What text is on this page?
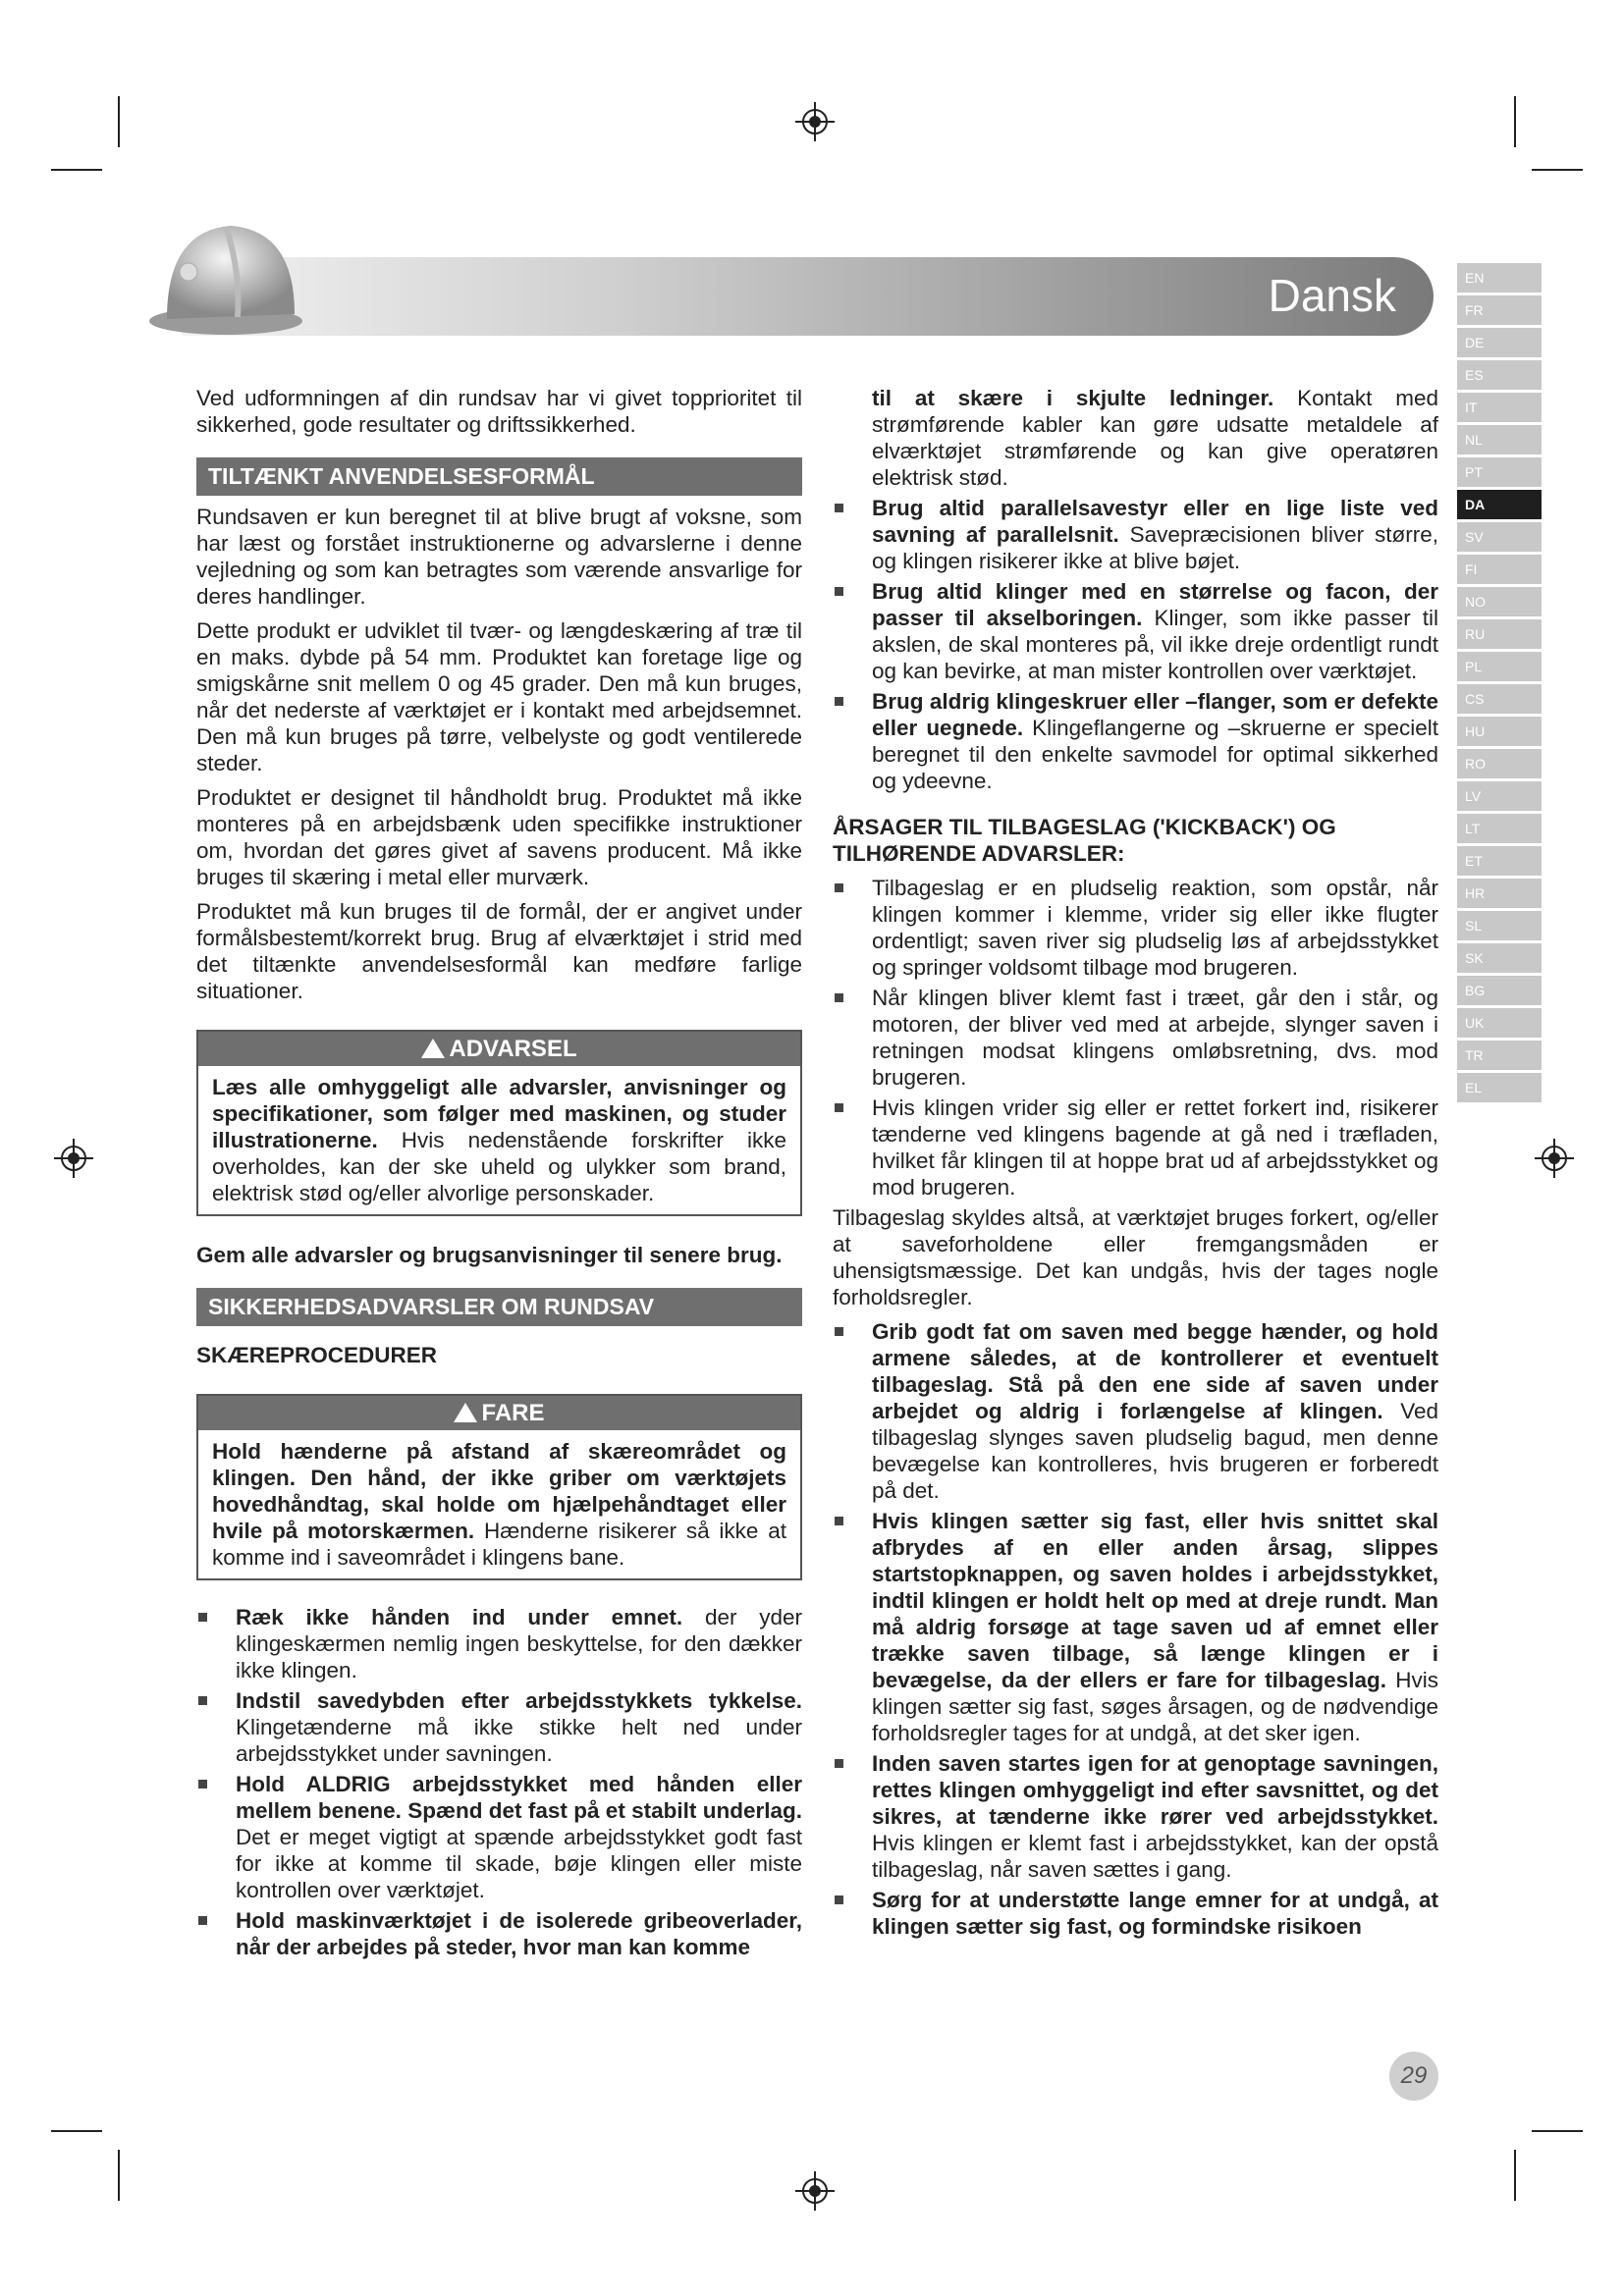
Dansk	EN
FR
DE
ES
IT
NL
PT
DA
SV
FI
NO
RU
PL
CS
HU
RO
LV
LT
ET
HR
SL
SK
BG
UK
TR
EL

Ved udformningen af din rundsav har vi givet topprioritet til sikkerhed, gode resultater og driftssikkerhed.

TILTÆNKT ANVENDELSESFORMÅL

Rundsaven er kun beregnet til at blive brugt af voksne, som har læst og forstået instruktionerne og advarslerne i denne vejledning og som kan betragtes som værende ansvarlige for deres handlinger.

Dette produkt er udviklet til tvær- og længdeskæring af træ til en maks. dybde på 54 mm. Produktet kan foretage lige og smigskårne snit mellem 0 og 45 grader. Den må kun bruges, når det nederste af værktøjet er i kontakt med arbejdsemnet. Den må kun bruges på tørre, velbelyste og godt ventilerede steder.

Produktet er designet til håndholdt brug. Produktet må ikke monteres på en arbejdsbænk uden specifikke instruktioner om, hvordan det gøres givet af savens producent. Må ikke bruges til skæring i metal eller murværk.

Produktet må kun bruges til de formål, der er angivet under formålsbestemt/korrekt brug. Brug af elværktøjet i strid med det tiltænkte anvendelsesformål kan medføre farlige situationer.

ADVARSEL
Læs alle omhyggeligt alle advarsler, anvisninger og specifikationer, som følger med maskinen, og studer illustrationerne. Hvis nedenstående forskrifter ikke overholdes, kan der ske uheld og ulykker som brand, elektrisk stød og/eller alvorlige personskader.

Gem alle advarsler og brugsanvisninger til senere brug.

SIKKERHEDSADVARSLER OM RUNDSAV
SKÆREPROCEDURER
FARE
Hold hænderne på afstand af skæreområdet og klingen. Den hånd, der ikke griber om værktøjets hovedhåndtag, skal holde om hjælpehåndtaget eller hvile på motorskærmen. Hænderne risikerer så ikke at komme ind i saveområdet i klingens bane.
Ræk ikke hånden ind under emnet. der yder klingeskærmen nemlig ingen beskyttelse, for den dækker ikke klingen.
Indstil savedybden efter arbejdsstykkets tykkelse. Klingetænderne må ikke stikke helt ned under arbejdsstykket under savningen.
Hold ALDRIG arbejdsstykket med hånden eller mellem benene. Spænd det fast på et stabilt underlag. Det er meget vigtigt at spænde arbejdsstykket godt fast for ikke at komme til skade, bøje klingen eller miste kontrollen over værktøjet.
Hold maskinværktøjet i de isolerede gribeoverlader, når der arbejdes på steder, hvor man kan komme
til at skære i skjulte ledninger. Kontakt med strømførende kabler kan gøre udsatte metaldele af elværktøjet strømførende og kan give operatøren elektrisk stød.
Brug altid parallelsavestyr eller en lige liste ved savning af parallelsnit. Savepræcisionen bliver større, og klingen risikerer ikke at blive bøjet.
Brug altid klinger med en størrelse og facon, der passer til akselboringen. Klinger, som ikke passer til akslen, de skal monteres på, vil ikke dreje ordentligt rundt og kan bevirke, at man mister kontrollen over værktøjet.
Brug aldrig klingeskruer eller –flanger, som er defekte eller uegnede. Klingeflangerne og –skruerne er specielt beregnet til den enkelte savmodel for optimal sikkerhed og ydeevne.
ÅRSAGER TIL TILBAGESLAG ('KICKBACK') OG TILHØRENDE ADVARSLER:
Tilbageslag er en pludselig reaktion, som opstår, når klingen kommer i klemme, vrider sig eller ikke flugter ordentligt; saven river sig pludselig løs af arbejdsstykket og springer voldsomt tilbage mod brugeren.
Når klingen bliver klemt fast i træet, går den i står, og motoren, der bliver ved med at arbejde, slynger saven i retningen modsat klingens omløbsretning, dvs. mod brugeren.
Hvis klingen vrider sig eller er rettet forkert ind, risikerer tænderne ved klingens bagende at gå ned i træfladen, hvilket får klingen til at hoppe brat ud af arbejdsstykket og mod brugeren.

Tilbageslag skyldes altså, at værktøjet bruges forkert, og/eller at saveforholdene eller fremgangsmåden er uhensigtsmæssige. Det kan undgås, hvis der tages nogle forholdsregler.

Grib godt fat om saven med begge hænder, og hold armene således, at de kontrollerer et eventuelt tilbageslag. Stå på den ene side af saven under arbejdet og aldrig i forlængelse af klingen. Ved tilbageslag slynges saven pludselig bagud, men denne bevægelse kan kontrolleres, hvis brugeren er forberedt på det.
Hvis klingen sætter sig fast, eller hvis snittet skal afbrydes af en eller anden årsag, slippes startstopknappen, og saven holdes i arbejdsstykket, indtil klingen er holdt helt op med at dreje rundt. Man må aldrig forsøge at tage saven ud af emnet eller trække saven tilbage, så længe klingen er i bevægelse, da der ellers er fare for tilbageslag. Hvis klingen sætter sig fast, søges årsagen, og de nødvendige forholdsregler tages for at undgå, at det sker igen.
Inden saven startes igen for at genoptage savningen, rettes klingen omhyggeligt ind efter savsnittet, og det sikres, at tænderne ikke rører ved arbejdsstykket. Hvis klingen er klemt fast i arbejdsstykket, kan der opstå tilbageslag, når saven sættes i gang.
Sørg for at understøtte lange emner for at undgå, at klingen sætter sig fast, og formindske risikoen
29
